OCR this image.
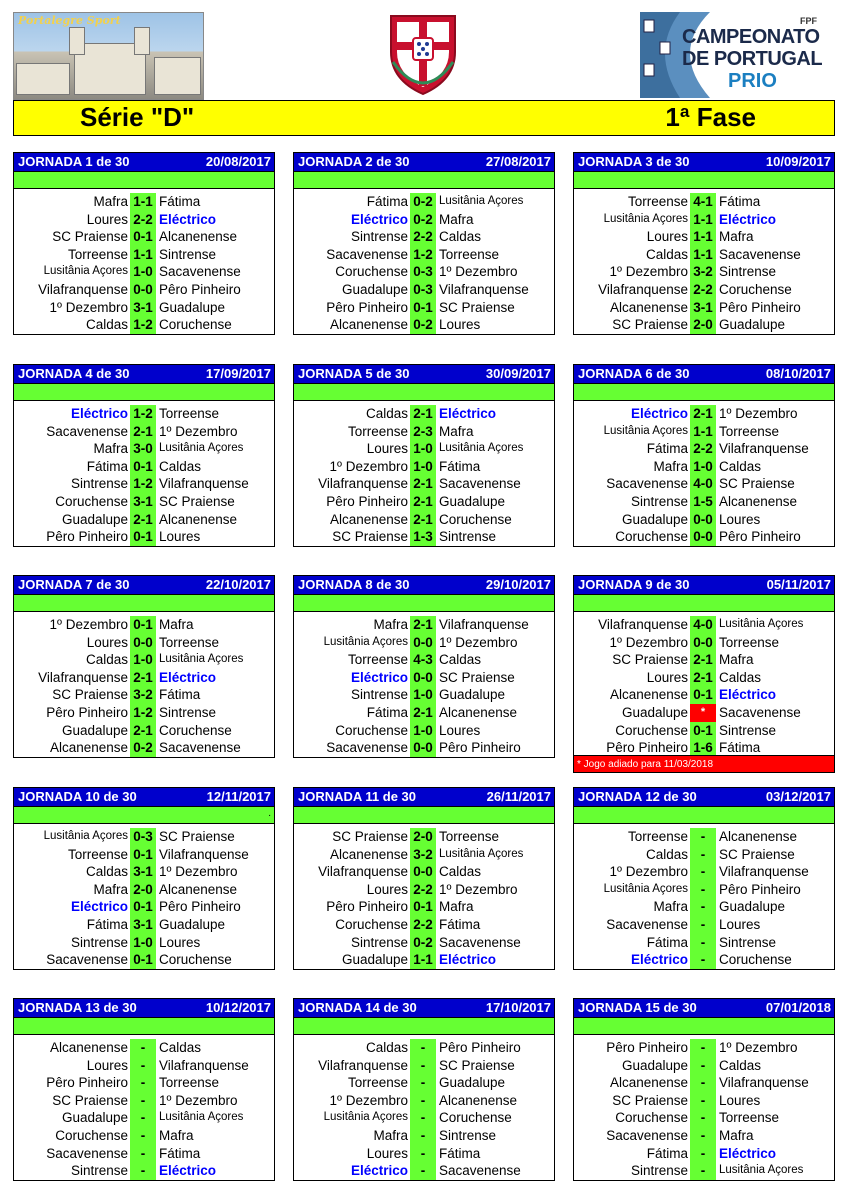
Portalegre Sport	FPF
CAMPEONATO
DE PORTUGAL
PRIO
Série "D"	1ª Fase
JORNADA 1 de 30	20/08/2017
Mafra 1-1 Fátima
Loures 2-2 Eléctrico
SC Praiense 0-1 Alcanenense
Torreense 1-1 Sintrense
Lusitânia Açores 1-0 Sacavenense
Vilafranquense 0-0 Pêro Pinheiro
1º Dezembro 3-1 Guadalupe
Caldas 1-2 Coruchense
JORNADA 2 de 30	27/08/2017
Fátima 0-2 Lusitânia Açores
Eléctrico 0-2 Mafra
Sintrense 2-2 Caldas
Sacavenense 1-2 Torreense
Coruchense 0-3 1º Dezembro
Guadalupe 0-3 Vilafranquense
Pêro Pinheiro 0-1 SC Praiense
Alcanenense 0-2 Loures
JORNADA 3 de 30	10/09/2017
Torreense 4-1 Fátima
Lusitânia Açores 1-1 Eléctrico
Loures 1-1 Mafra
Caldas 1-1 Sacavenense
1º Dezembro 3-2 Sintrense
Vilafranquense 2-2 Coruchense
Alcanenense 3-1 Pêro Pinheiro
SC Praiense 2-0 Guadalupe
JORNADA 4 de 30	17/09/2017
Eléctrico 1-2 Torreense
Sacavenense 2-1 1º Dezembro
Mafra 3-0 Lusitânia Açores
Fátima 0-1 Caldas
Sintrense 1-2 Vilafranquense
Coruchense 3-1 SC Praiense
Guadalupe 2-1 Alcanenense
Pêro Pinheiro 0-1 Loures
JORNADA 5 de 30	30/09/2017
Caldas 2-1 Eléctrico
Torreense 2-3 Mafra
Loures 1-0 Lusitânia Açores
1º Dezembro 1-0 Fátima
Vilafranquense 2-1 Sacavenense
Pêro Pinheiro 2-1 Guadalupe
Alcanenense 2-1 Coruchense
SC Praiense 1-3 Sintrense
JORNADA 6 de 30	08/10/2017
Eléctrico 2-1 1º Dezembro
Lusitânia Açores 1-1 Torreense
Fátima 2-2 Vilafranquense
Mafra 1-0 Caldas
Sacavenense 4-0 SC Praiense
Sintrense 1-5 Alcanenense
Guadalupe 0-0 Loures
Coruchense 0-0 Pêro Pinheiro
JORNADA 7 de 30	22/10/2017
1º Dezembro 0-1 Mafra
Loures 0-0 Torreense
Caldas 1-0 Lusitânia Açores
Vilafranquense 2-1 Eléctrico
SC Praiense 3-2 Fátima
Pêro Pinheiro 1-2 Sintrense
Guadalupe 2-1 Coruchense
Alcanenense 0-2 Sacavenense
JORNADA 8 de 30	29/10/2017
Mafra 2-1 Vilafranquense
Lusitânia Açores 0-0 1º Dezembro
Torreense 4-3 Caldas
Eléctrico 0-0 SC Praiense
Sintrense 1-0 Guadalupe
Fátima 2-1 Alcanenense
Coruchense 1-0 Loures
Sacavenense 0-0 Pêro Pinheiro
JORNADA 9 de 30	05/11/2017
Vilafranquense 4-0 Lusitânia Açores
1º Dezembro 0-0 Torreense
SC Praiense 2-1 Mafra
Loures 2-1 Caldas
Alcanenense 0-1 Eléctrico
Guadalupe	*	Sacavenense
Coruchense 0-1 Sintrense
Pêro Pinheiro 1-6 Fátima
* Jogo adiado para 11/03/2018
JORNADA 10 de 30	12/11/2017
.
Lusitânia Açores 0-3 SC Praiense
Torreense 0-1 Vilafranquense
Caldas 3-1 1º Dezembro
Mafra 2-0 Alcanenense
Eléctrico 0-1 Pêro Pinheiro
Fátima 3-1 Guadalupe
Sintrense 1-0 Loures
Sacavenense 0-1 Coruchense
JORNADA 11 de 30	26/11/2017
SC Praiense 2-0 Torreense
Alcanenense 3-2 Lusitânia Açores
Vilafranquense 0-0 Caldas
Loures 2-2 1º Dezembro
Pêro Pinheiro 0-1 Mafra
Coruchense 2-2 Fátima
Sintrense 0-2 Sacavenense
Guadalupe 1-1 Eléctrico
JORNADA 12 de 30	03/12/2017
Torreense -	Alcanenense
Caldas -	SC Praiense
1º Dezembro -	Vilafranquense
Lusitânia Açores -	Pêro Pinheiro
Mafra -	Guadalupe
Sacavenense -	Loures
Fátima -	Sintrense
Eléctrico -	Coruchense
JORNADA 13 de 30	10/12/2017
Alcanenense -	Caldas
Loures -	Vilafranquense
Pêro Pinheiro -	Torreense
SC Praiense -	1º Dezembro
Guadalupe -	Lusitânia Açores
Coruchense -	Mafra
Sacavenense -	Fátima
Sintrense -	Eléctrico
JORNADA 14 de 30	17/10/2017
Caldas -	Pêro Pinheiro
Vilafranquense -	SC Praiense
Torreense -	Guadalupe
1º Dezembro -	Alcanenense
Lusitânia Açores -	Coruchense
Mafra -	Sintrense
Loures -	Fátima
Eléctrico -	Sacavenense
JORNADA 15 de 30	07/01/2018
Pêro Pinheiro -	1º Dezembro
Guadalupe -	Caldas
Alcanenense -	Vilafranquense
SC Praiense -	Loures
Coruchense -	Torreense
Sacavenense -	Mafra
Fátima -	Eléctrico
Sintrense -	Lusitânia Açores
